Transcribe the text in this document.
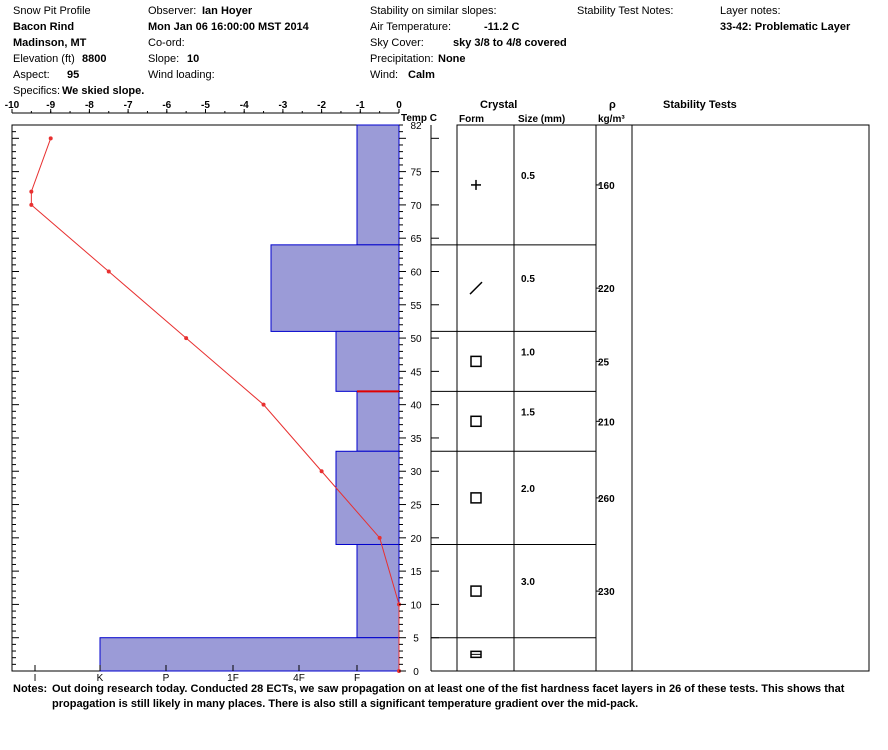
Snow Pit Profile
Bacon Rind
Madinson, MT
Elevation (ft) 8800
Aspect: 95
Specifics: We skied slope.
Observer: Ian Hoyer
Mon Jan 06 16:00:00 MST 2014
Co-ord:
Slope: 10
Wind loading:
Stability on similar slopes:
Air Temperature:	-11.2 C
Sky Cover:	sky 3/8 to 4/8 covered
Precipitation: None
Wind: Calm
Stability Test Notes:	Layer notes:
33-42: Problematic Layer
Temp C
Crystal
Form	Size (mm)
ρ
kg/m³
Stability Tests
-10	-9	-8	-7	-6	-5	-4	-3	-2	-1	0
0
5
10
15
20
25
30
35
40
45
50
55
60
65
70
75
82
I	K	P	1F	4F	F
0.5
160
0.5
220
1.0
25
1.5
210
2.0
260
3.0
230
Notes: Out doing research today. Conducted 28 ECTs, we saw propagation on at least one of the fist hardness facet layers in 26 of these tests. This shows that
propagation is still likely in many places. There is also still a significant temperature gradient over the mid-pack.
